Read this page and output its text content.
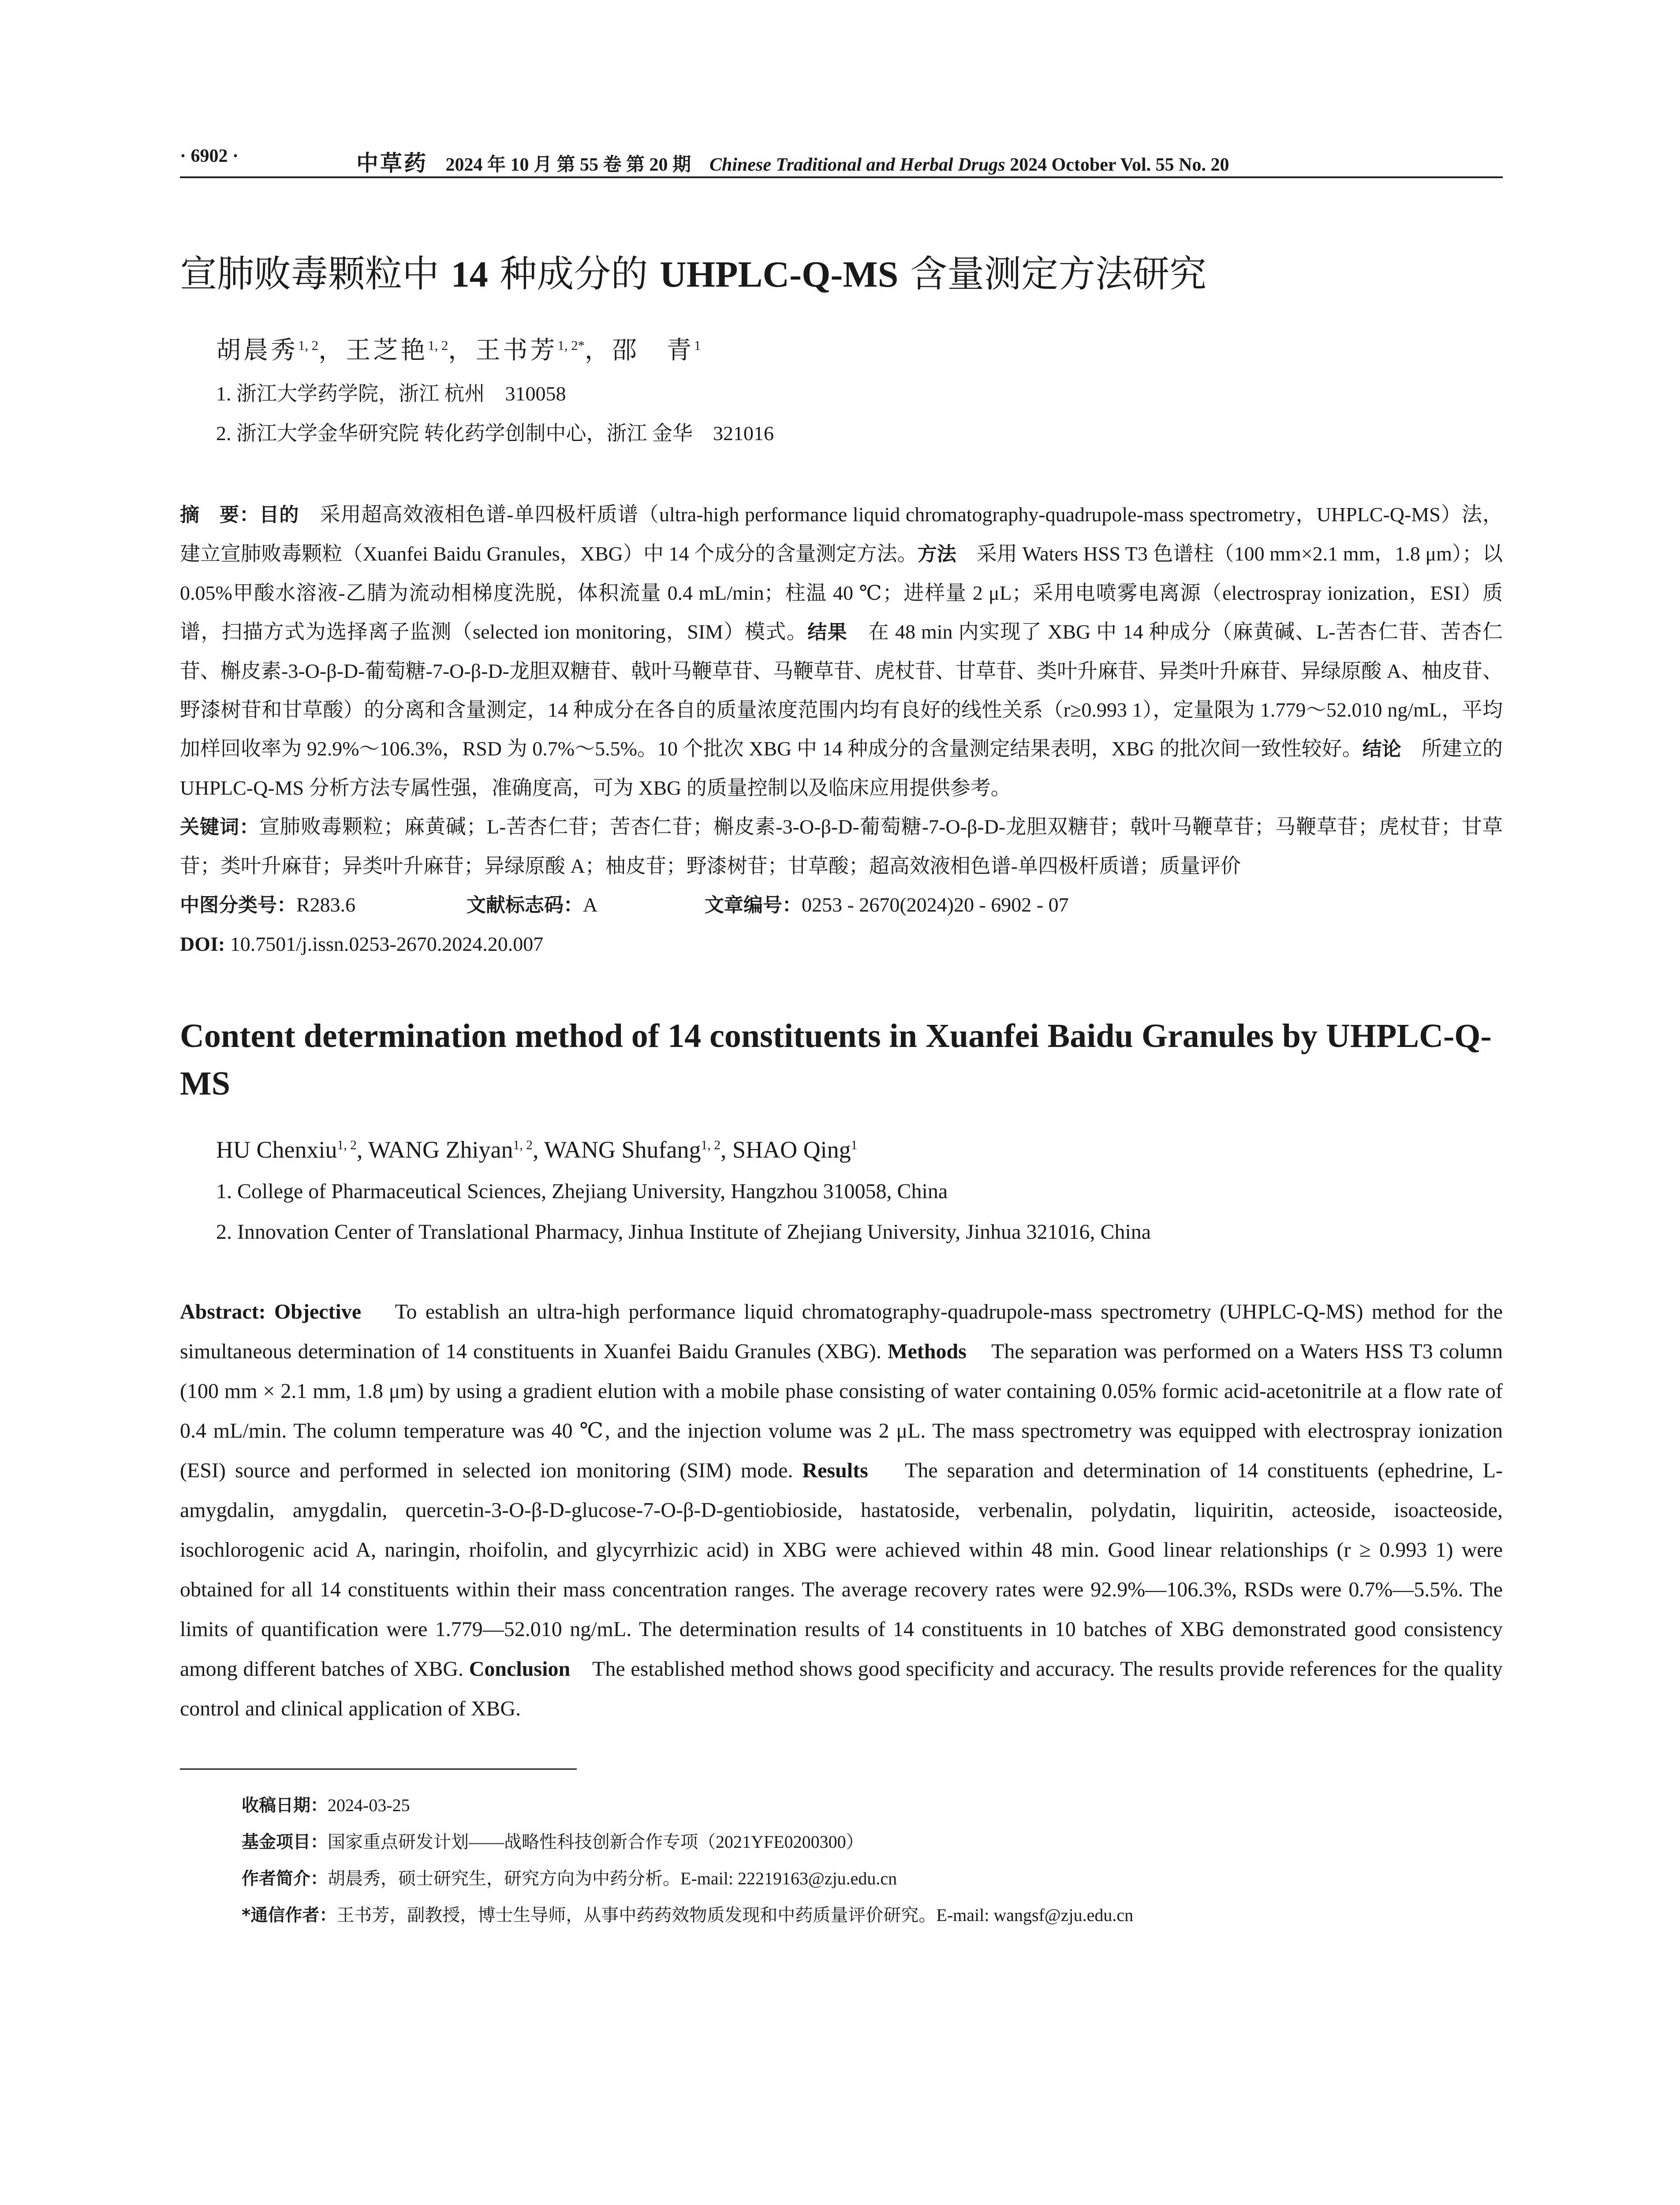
· 6902 ·	中草药 2024 年 10 月 第 55 卷 第 20 期 Chinese Traditional and Herbal Drugs 2024 October Vol. 55 No. 20
宣肺败毒颗粒中 14 种成分的 UHPLC-Q-MS 含量测定方法研究
胡晨秀$^{1, 2}$，王芝艳$^{1, 2}$，王书芳$^{1, 2*}$，邵　青$^1$
1. 浙江大学药学院，浙江 杭州　310058
2. 浙江大学金华研究院 转化药学创制中心，浙江 金华　321016
摘　要：目的　 采用超高效液相色谱-单四极杆质谱（ultra-high performance liquid chromatography-quadrupole-mass spectrometry，UHPLC-Q-MS）法，建立宣肺败毒颗粒（Xuanfei Baidu Granules，XBG）中 14 个成分的含量测定方法。方法　 采用 Waters HSS T3 色谱柱（100 mm×2.1 mm，1.8 μm）；以 0.05%甲酸水溶液-乙腈为流动相梯度洗脱，体积流量 0.4 mL/min；柱温 40 ℃；进样量 2 μL；采用电喷雾电离源（electrospray ionization，ESI）质谱，扫描方式为选择离子监测（selected ion monitoring，SIM）模式。结果　 在 48 min 内实现了 XBG 中 14 种成分（麻黄碱、L-苦杏仁苷、苦杏仁苷、槲皮素-3-O-β-D-葡萄糖-7-O-β-D-龙胆双糖苷、戟叶马鞭草苷、马鞭草苷、虎杖苷、甘草苷、类叶升麻苷、异类叶升麻苷、异绿原酸 A、柚皮苷、野漆树苷和甘草酸）的分离和含量测定，14 种成分在各自的质量浓度范围内均有良好的线性关系（r≥0.993 1），定量限为 1.779～52.010 ng/mL，平均加样回收率为 92.9%～106.3%，RSD 为 0.7%～5.5%。10 个批次 XBG 中 14 种成分的含量测定结果表明，XBG 的批次间一致性较好。结论　 所建立的 UHPLC-Q-MS 分析方法专属性强，准确度高，可为 XBG 的质量控制以及临床应用提供参考。
关键词：宣肺败毒颗粒；麻黄碱；L-苦杏仁苷；苦杏仁苷；槲皮素-3-O-β-D-葡萄糖-7-O-β-D-龙胆双糖苷；戟叶马鞭草苷；马鞭草苷；虎杖苷；甘草苷；类叶升麻苷；异类叶升麻苷；异绿原酸 A；柚皮苷；野漆树苷；甘草酸；超高效液相色谱-单四极杆质谱；质量评价
中图分类号：R283.6	文献标志码：A	文章编号：0253 - 2670(2024)20 - 6902 - 07
DOI: 10.7501/j.issn.0253-2670.2024.20.007
Content determination method of 14 constituents in Xuanfei Baidu Granules by UHPLC-Q-MS
HU Chenxiu$^{1, 2}$, WANG Zhiyan$^{1, 2}$, WANG Shufang$^{1, 2}$, SHAO Qing$^1$
1. College of Pharmaceutical Sciences, Zhejiang University, Hangzhou 310058, China
2. Innovation Center of Translational Pharmacy, Jinhua Institute of Zhejiang University, Jinhua 321016, China
Abstract: Objective To establish an ultra-high performance liquid chromatography-quadrupole-mass spectrometry (UHPLC-Q-MS) method for the simultaneous determination of 14 constituents in Xuanfei Baidu Granules (XBG). Methods The separation was performed on a Waters HSS T3 column (100 mm × 2.1 mm, 1.8 μm) by using a gradient elution with a mobile phase consisting of water containing 0.05% formic acid-acetonitrile at a flow rate of 0.4 mL/min. The column temperature was 40 ℃, and the injection volume was 2 μL. The mass spectrometry was equipped with electrospray ionization (ESI) source and performed in selected ion monitoring (SIM) mode. Results The separation and determination of 14 constituents (ephedrine, L-amygdalin, amygdalin, quercetin-3-O-β-D-glucose-7-O-β-D-gentiobioside, hastatoside, verbenalin, polydatin, liquiritin, acteoside, isoacteoside, isochlorogenic acid A, naringin, rhoifolin, and glycyrrhizic acid) in XBG were achieved within 48 min. Good linear relationships (r ≥ 0.993 1) were obtained for all 14 constituents within their mass concentration ranges. The average recovery rates were 92.9%—106.3%, RSDs were 0.7%—5.5%. The limits of quantification were 1.779—52.010 ng/mL. The determination results of 14 constituents in 10 batches of XBG demonstrated good consistency among different batches of XBG. Conclusion The established method shows good specificity and accuracy. The results provide references for the quality control and clinical application of XBG.
收稿日期：2024-03-25
基金项目：国家重点研发计划——战略性科技创新合作专项（2021YFE0200300）
作者简介：胡晨秀，硕士研究生，研究方向为中药分析。E-mail: 22219163@zju.edu.cn
*通信作者：王书芳，副教授，博士生导师，从事中药药效物质发现和中药质量评价研究。E-mail: wangsf@zju.edu.cn
